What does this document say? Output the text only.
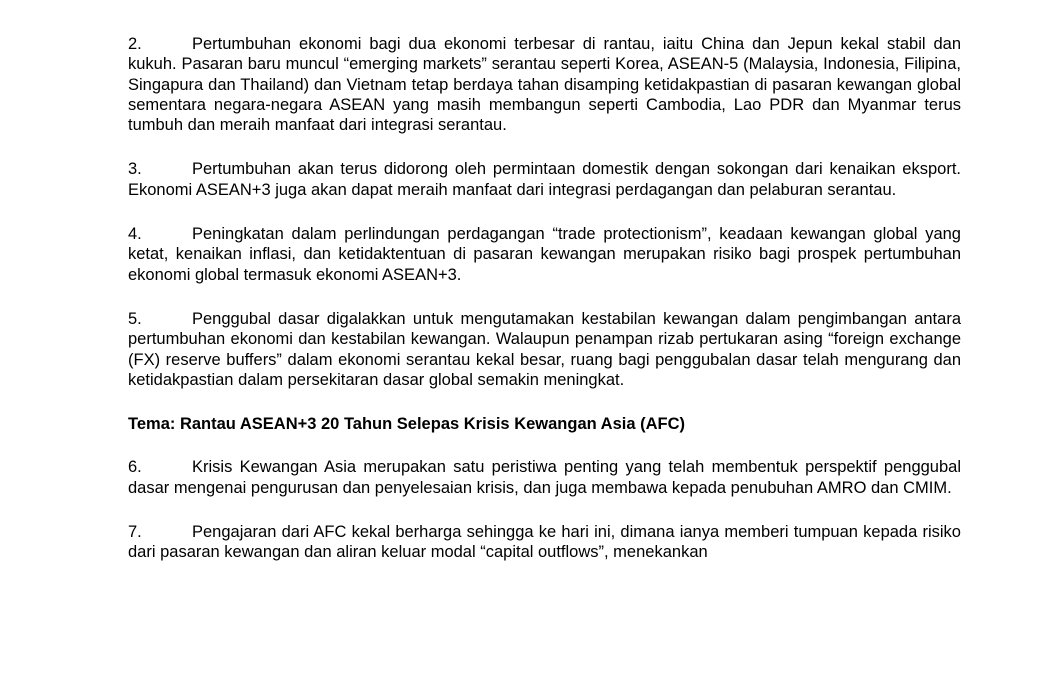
2.	Pertumbuhan ekonomi bagi dua ekonomi terbesar di rantau, iaitu China dan Jepun kekal stabil dan kukuh. Pasaran baru muncul “emerging markets” serantau seperti Korea, ASEAN-5 (Malaysia, Indonesia, Filipina, Singapura dan Thailand) dan Vietnam tetap berdaya tahan disamping ketidakpastian di pasaran kewangan global sementara negara-negara ASEAN yang masih membangun seperti Cambodia, Lao PDR dan Myanmar terus tumbuh dan meraih manfaat dari integrasi serantau.

3.	Pertumbuhan akan terus didorong oleh permintaan domestik dengan sokongan dari kenaikan eksport. Ekonomi ASEAN+3 juga akan dapat meraih manfaat dari integrasi perdagangan dan pelaburan serantau.

4.	Peningkatan dalam perlindungan perdagangan “trade protectionism”, keadaan kewangan global yang ketat, kenaikan inflasi, dan ketidaktentuan di pasaran kewangan merupakan risiko bagi prospek pertumbuhan ekonomi global termasuk ekonomi ASEAN+3.

5.	Penggubal dasar digalakkan untuk mengutamakan kestabilan kewangan dalam pengimbangan antara pertumbuhan ekonomi dan kestabilan kewangan. Walaupun penampan rizab pertukaran asing “foreign exchange (FX) reserve buffers” dalam ekonomi serantau kekal besar, ruang bagi penggubalan dasar telah mengurang dan ketidakpastian dalam persekitaran dasar global semakin meningkat.

Tema: Rantau ASEAN+3 20 Tahun Selepas Krisis Kewangan Asia (AFC)

6.	Krisis Kewangan Asia merupakan satu peristiwa penting yang telah membentuk perspektif penggubal dasar mengenai pengurusan dan penyelesaian krisis, dan juga membawa kepada penubuhan AMRO dan CMIM.

7.	Pengajaran dari AFC kekal berharga sehingga ke hari ini, dimana ianya memberi tumpuan kepada risiko dari pasaran kewangan dan aliran keluar modal “capital outflows”, menekankan
